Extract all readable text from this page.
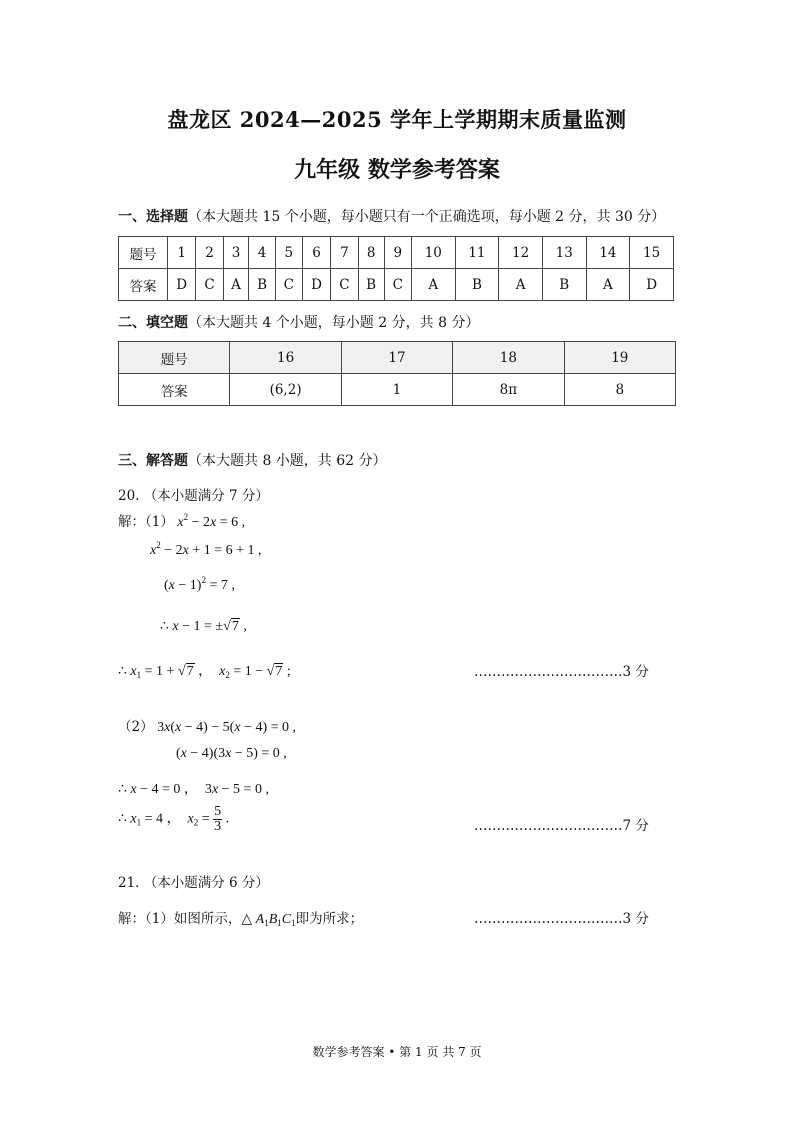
盘龙区 2024—2025 学年上学期期末质量监测
九年级 数学参考答案
一、选择题（本大题共 15 个小题，每小题只有一个正确选项，每小题 2 分，共 30 分）
题号	1	2	3	4	5	6	7	8	9	10	11	12	13	14	15
答案	D	C	A	B	C	D	C	B	C	A	B	A	B	A	D
二、填空题（本大题共 4 个小题，每小题 2 分，共 8 分）
题号	16	17	18	19
答案	(6,2)	1	8π	8
三、解答题（本大题共 8 小题，共 62 分）
20. （本小题满分 7 分）
解：（1） $x^2 - 2x = 6$ ,
$x^2 - 2x + 1 = 6 + 1$ ,
$(x - 1)^2 = 7$ ,
∴ x − 1 = ±√7 ,
∴ $x_1 = 1 + √7$ ，  $x_2 = 1 - √7$ ;	……………………………3 分
（2） 3x(x − 4) − 5(x − 4) = 0 ,
(x − 4)(3x − 5) = 0 ,
∴ x − 4 = 0 ，  3x − 5 = 0 ,
∴ $x_1 = 4$ ，  $x_2 = \frac{5}{3}$ .	……………………………7 分
21. （本小题满分 6 分）
解：（1）如图所示，△ $A_1B_1C_1$即为所求；	……………………………3 分
数学参考答案 • 第 1 页 共 7 页
